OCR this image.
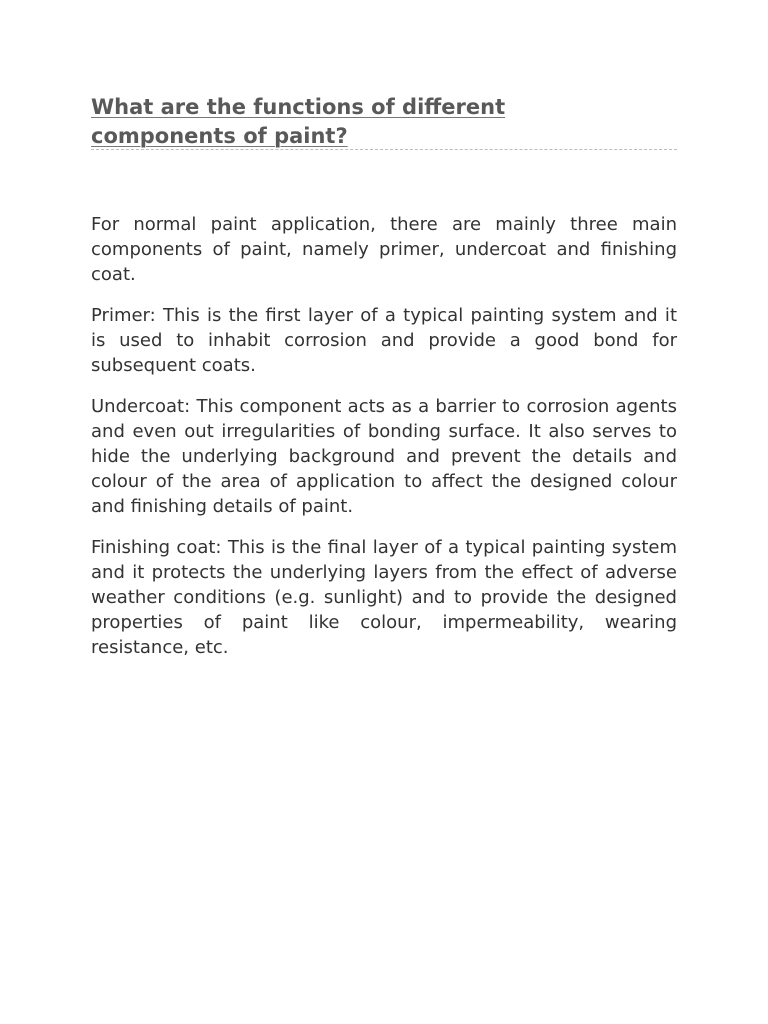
What are the functions of different components of paint?

For normal paint application, there are mainly three main components of paint, namely primer, undercoat and finishing coat.

Primer: This is the first layer of a typical painting system and it is used to inhabit corrosion and provide a good bond for subsequent coats.

Undercoat: This component acts as a barrier to corrosion agents and even out irregularities of bonding surface. It also serves to hide the underlying background and prevent the details and colour of the area of application to affect the designed colour and finishing details of paint.

Finishing coat: This is the final layer of a typical painting system and it protects the underlying layers from the effect of adverse weather conditions (e.g. sunlight) and to provide the designed properties of paint like colour, impermeability, wearing resistance, etc.
